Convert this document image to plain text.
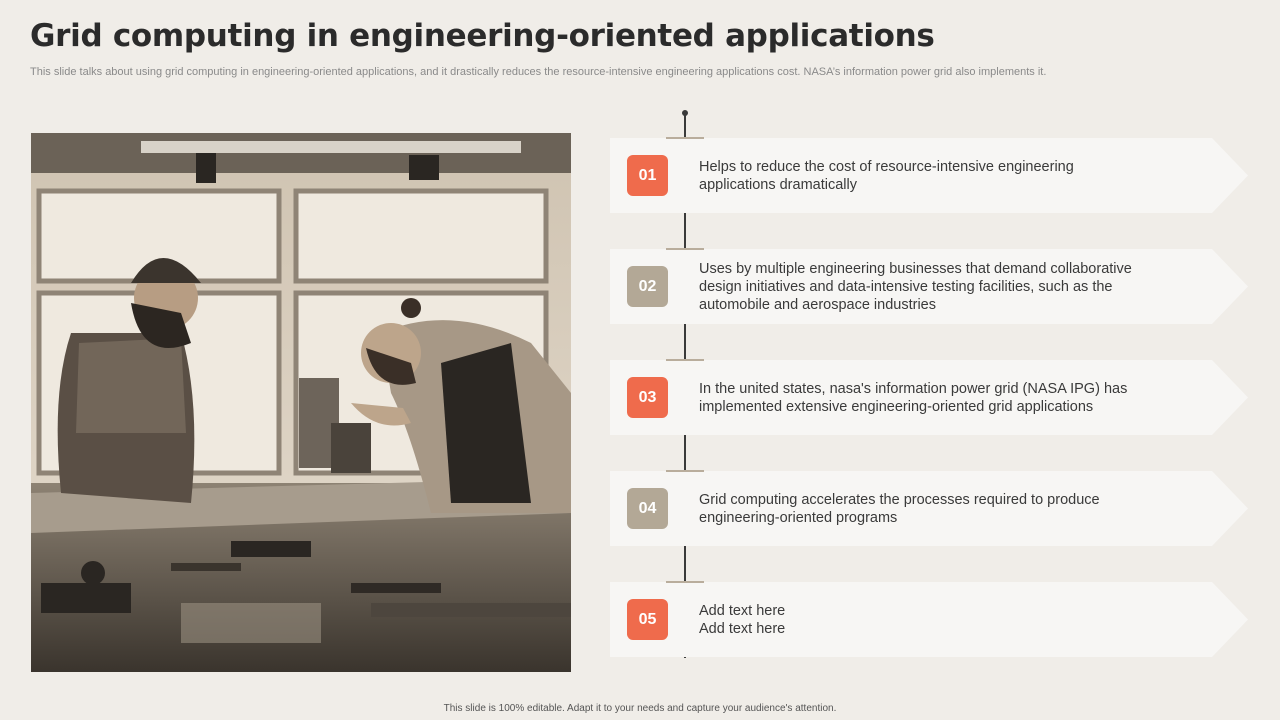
Grid computing in engineering-oriented applications

This slide talks about using grid computing in engineering-oriented applications, and it drastically reduces the resource-intensive engineering applications cost. NASA’s information power grid also implements it.

01	Helps to reduce the cost of resource-intensive engineering
applications dramatically
02
Uses by multiple engineering businesses that demand collaborative
design initiatives and data-intensive testing facilities, such as the
automobile and aerospace industries
03	In the united states, nasa's information power grid (NASA IPG) has
implemented extensive engineering-oriented grid applications
04	Grid computing accelerates the processes required to produce
engineering-oriented programs
05	Add text here
Add text here
This slide is 100% editable. Adapt it to your needs and capture your audience's attention.
